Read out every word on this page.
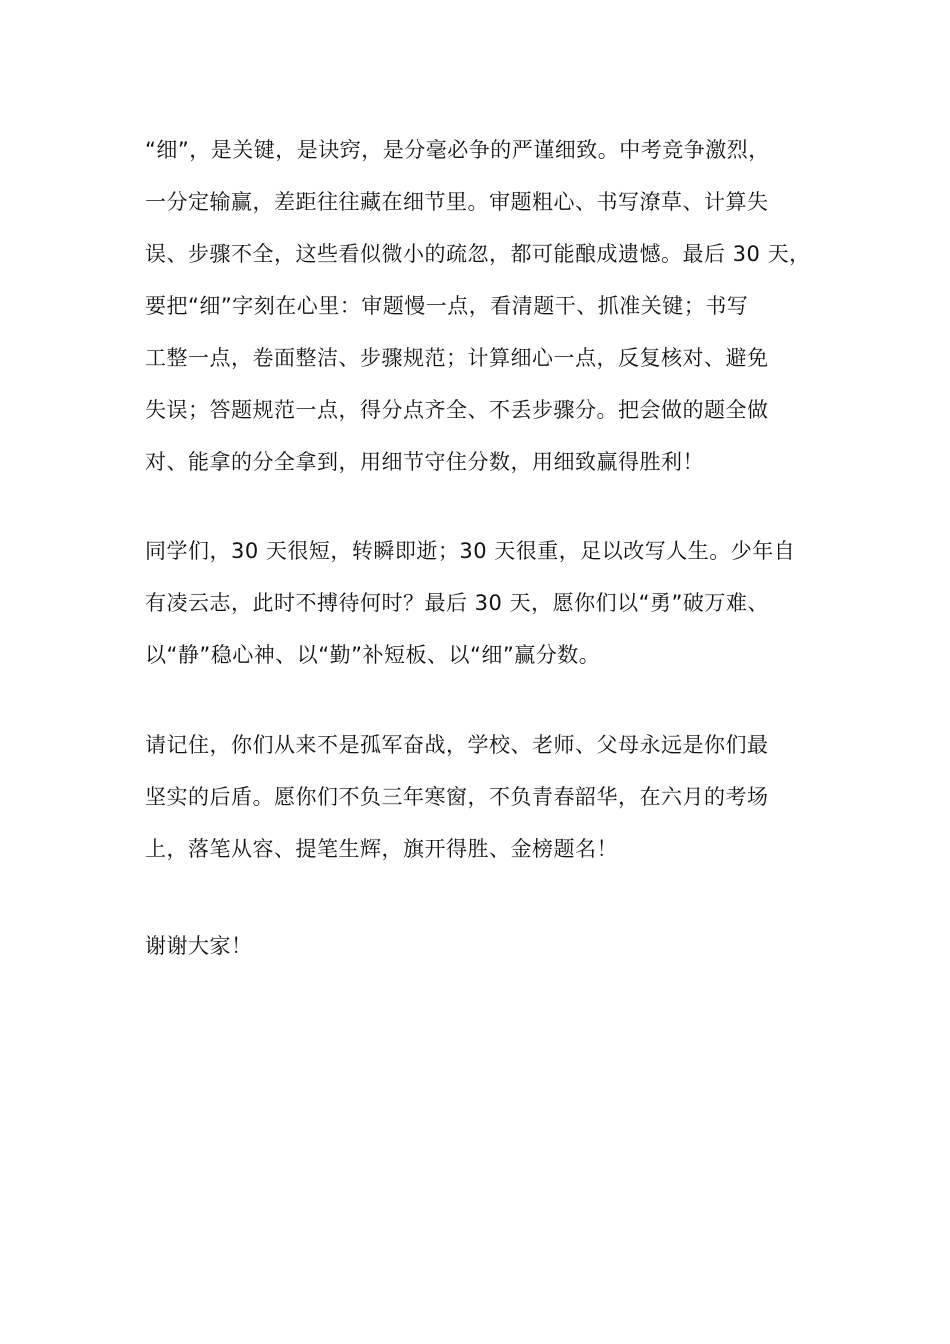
“细”，是关键，是诀窍，是分毫必争的严谨细致。中考竞争激烈，
一分定输赢，差距往往藏在细节里。审题粗心、书写潦草、计算失
误、步骤不全，这些看似微小的疏忽，都可能酿成遗憾。最后 30 天，
要把“细”字刻在心里：审题慢一点，看清题干、抓准关键；书写
工整一点，卷面整洁、步骤规范；计算细心一点，反复核对、避免
失误；答题规范一点，得分点齐全、不丢步骤分。把会做的题全做
对、能拿的分全拿到，用细节守住分数，用细致赢得胜利！
同学们，30 天很短，转瞬即逝；30 天很重，足以改写人生。少年自
有凌云志，此时不搏待何时？最后 30 天，愿你们以“勇”破万难、
以“静”稳心神、以“勤”补短板、以“细”赢分数。
请记住，你们从来不是孤军奋战，学校、老师、父母永远是你们最
坚实的后盾。愿你们不负三年寒窗，不负青春韶华，在六月的考场
上，落笔从容、提笔生辉，旗开得胜、金榜题名！
谢谢大家！
